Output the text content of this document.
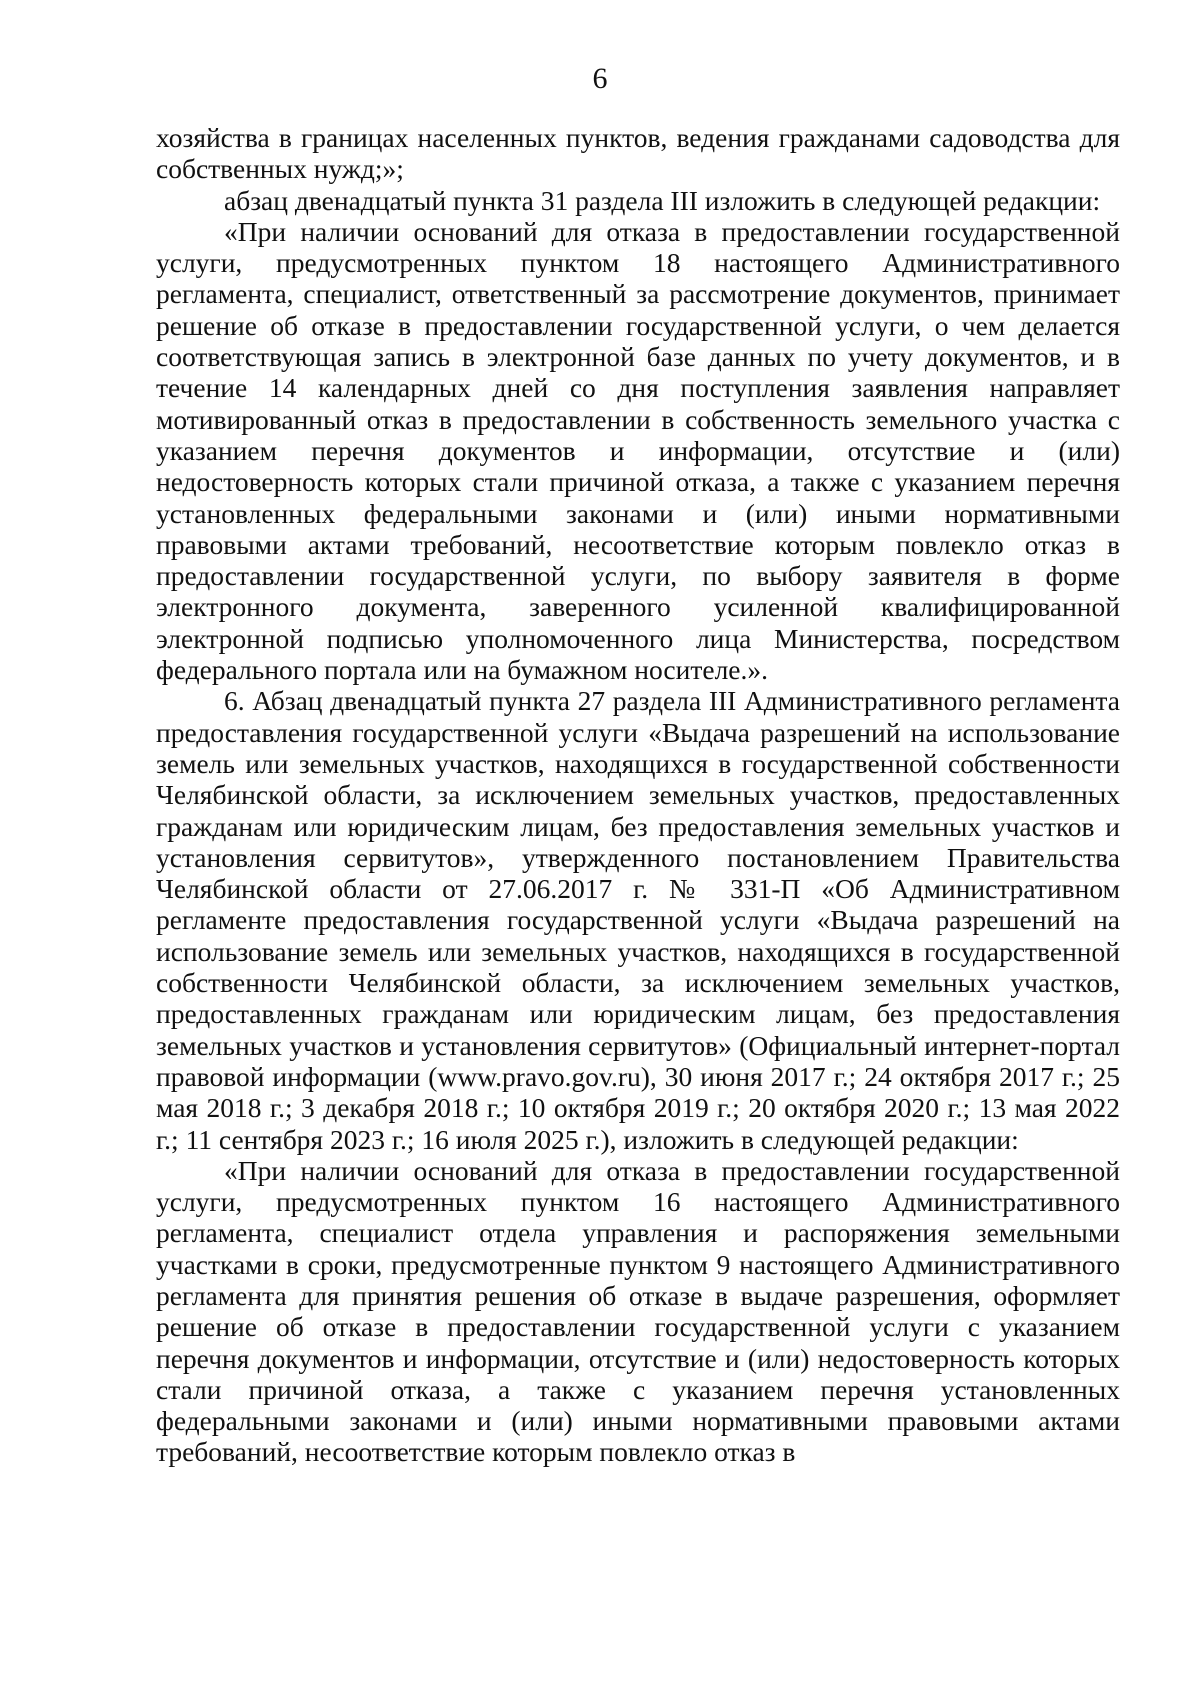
6

хозяйства в границах населенных пунктов, ведения гражданами садоводства для собственных нужд;»;

абзац двенадцатый пункта 31 раздела III изложить в следующей редакции:

«При наличии оснований для отказа в предоставлении государственной услуги, предусмотренных пунктом 18 настоящего Административного регламента, специалист, ответственный за рассмотрение документов, принимает решение об отказе в предоставлении государственной услуги, о чем делается соответствующая запись в электронной базе данных по учету документов, и в течение 14 календарных дней со дня поступления заявления направляет мотивированный отказ в предоставлении в собственность земельного участка с указанием перечня документов и информации, отсутствие и (или) недостоверность которых стали причиной отказа, а также с указанием перечня установленных федеральными законами и (или) иными нормативными правовыми актами требований, несоответствие которым повлекло отказ в предоставлении государственной услуги, по выбору заявителя в форме электронного документа, заверенного усиленной квалифицированной электронной подписью уполномоченного лица Министерства, посредством федерального портала или на бумажном носителе.».

6. Абзац двенадцатый пункта 27 раздела III Административного регламента предоставления государственной услуги «Выдача разрешений на использование земель или земельных участков, находящихся в государственной собственности Челябинской области, за исключением земельных участков, предоставленных гражданам или юридическим лицам, без предоставления земельных участков и установления сервитутов», утвержденного постановлением Правительства Челябинской области от 27.06.2017 г. № 331-П «Об Административном регламенте предоставления государственной услуги «Выдача разрешений на использование земель или земельных участков, находящихся в государственной собственности Челябинской области, за исключением земельных участков, предоставленных гражданам или юридическим лицам, без предоставления земельных участков и установления сервитутов» (Официальный интернет-портал правовой информации (www.pravo.gov.ru), 30 июня 2017 г.; 24 октября 2017 г.; 25 мая 2018 г.; 3 декабря 2018 г.; 10 октября 2019 г.; 20 октября 2020 г.; 13 мая 2022 г.; 11 сентября 2023 г.; 16 июля 2025 г.), изложить в следующей редакции:

«При наличии оснований для отказа в предоставлении государственной услуги, предусмотренных пунктом 16 настоящего Административного регламента, специалист отдела управления и распоряжения земельными участками в сроки, предусмотренные пунктом 9 настоящего Административного регламента для принятия решения об отказе в выдаче разрешения, оформляет решение об отказе в предоставлении государственной услуги с указанием перечня документов и информации, отсутствие и (или) недостоверность которых стали причиной отказа, а также с указанием перечня установленных федеральными законами и (или) иными нормативными правовыми актами требований, несоответствие которым повлекло отказ в
